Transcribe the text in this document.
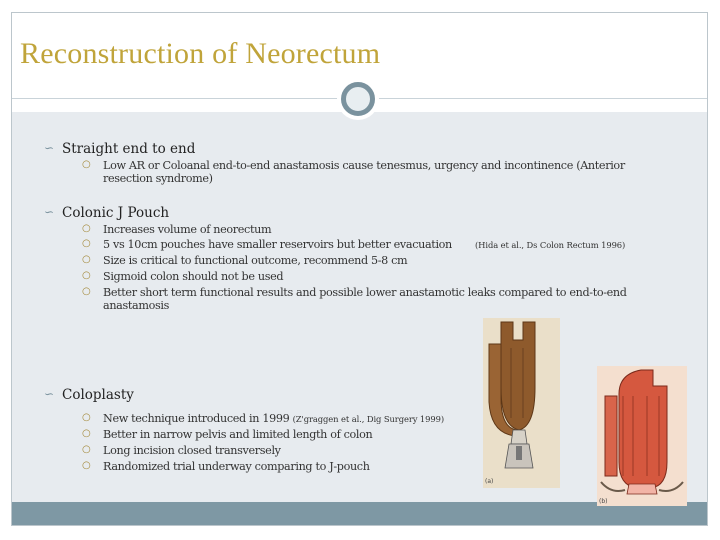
Reconstruction of Neorectum
∽ Straight end to end
○ Low AR or Coloanal end-to-end anastamosis cause tenesmus, urgency and incontinence (Anterior
resection syndrome)
∽ Colonic J Pouch
○ Increases volume of neorectum
○ 5 vs 10cm pouches have smaller reservoirs but better evacuation	(Hida et al., Ds Colon Rectum 1996)
○ Size is critical to functional outcome, recommend 5-8 cm
○ Sigmoid colon should not be used
○ Better short term functional results and possible lower anastamotic leaks compared to end-to-end
anastamosis
∽ Coloplasty
○ New technique introduced in 1999 (Z'graggen et al., Dig Surgery 1999)
○ Better in narrow pelvis and limited length of colon
○ Long incision closed transversely
○ Randomized trial underway comparing to J-pouch
(a)
(b)
